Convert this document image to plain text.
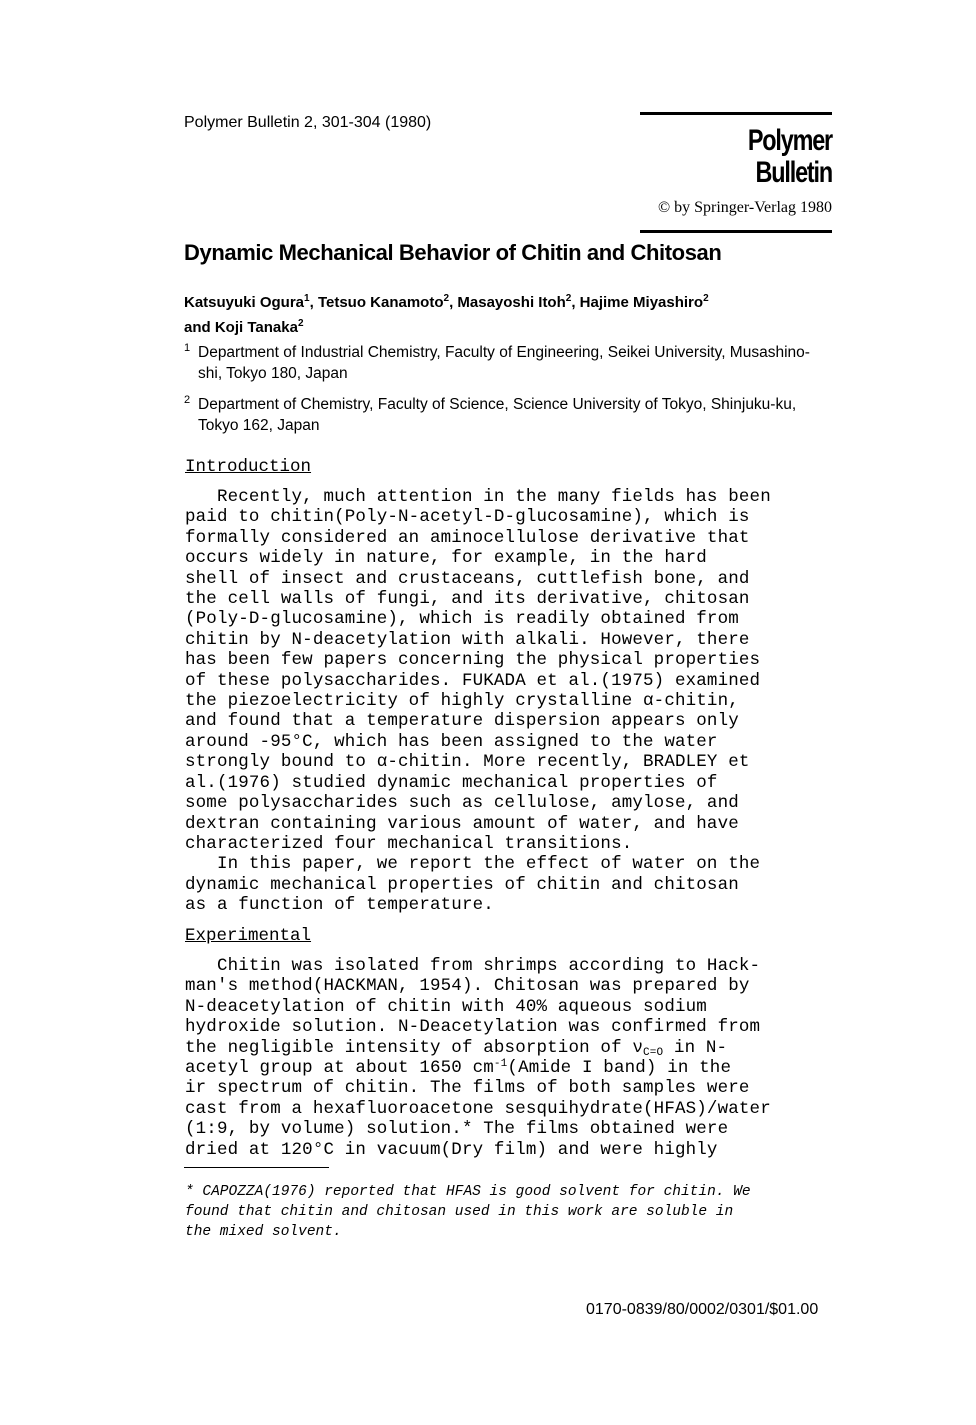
Polymer Bulletin 2, 301-304 (1980)
Polymer Bulletin
© by Springer-Verlag 1980
Dynamic Mechanical Behavior of Chitin and Chitosan
Katsuyuki Ogura$^1$, Tetsuo Kanamoto$^2$, Masayoshi Itoh$^2$, Hajime Miyashiro$^2$
and Koji Tanaka$^2$
1 Department of Industrial Chemistry, Faculty of Engineering, Seikei University, Musashino-shi, Tokyo 180, Japan
2 Department of Chemistry, Faculty of Science, Science University of Tokyo, Shinjuku-ku, Tokyo 162, Japan
Introduction
Recently, much attention in the many fields has been
paid to chitin(Poly-N-acetyl-D-glucosamine), which is
formally considered an aminocellulose derivative that
occurs widely in nature, for example, in the hard
shell of insect and crustaceans, cuttlefish bone, and
the cell walls of fungi, and its derivative, chitosan
(Poly-D-glucosamine), which is readily obtained from
chitin by N-deacetylation with alkali. However, there
has been few papers concerning the physical properties
of these polysaccharides. FUKADA et al.(1975) examined
the piezoelectricity of highly crystalline α-chitin,
and found that a temperature dispersion appears only
around -95°C, which has been assigned to the water
strongly bound to α-chitin. More recently, BRADLEY et
al.(1976) studied dynamic mechanical properties of
some polysaccharides such as cellulose, amylose, and
dextran containing various amount of water, and have
characterized four mechanical transitions.
In this paper, we report the effect of water on the
dynamic mechanical properties of chitin and chitosan
as a function of temperature.
Experimental
Chitin was isolated from shrimps according to Hack-
man's method(HACKMAN, 1954). Chitosan was prepared by
N-deacetylation of chitin with 40% aqueous sodium
hydroxide solution. N-Deacetylation was confirmed from
the negligible intensity of absorption of $\nu_{C=O}$ in N-
acetyl group at about 1650 $cm^{-1}(Amide$ I band) in the
ir spectrum of chitin. The films of both samples were
cast from a hexafluoroacetone sesquihydrate(HFAS)/water
(1:9, by volume) solution.* The films obtained were
dried at 120°C in vacuum(Dry film) and were highly
* CAPOZZA(1976) reported that HFAS is good solvent for chitin. We
found that chitin and chitosan used in this work are soluble in
the mixed solvent.
0170-0839/80/0002/0301/$01.00
